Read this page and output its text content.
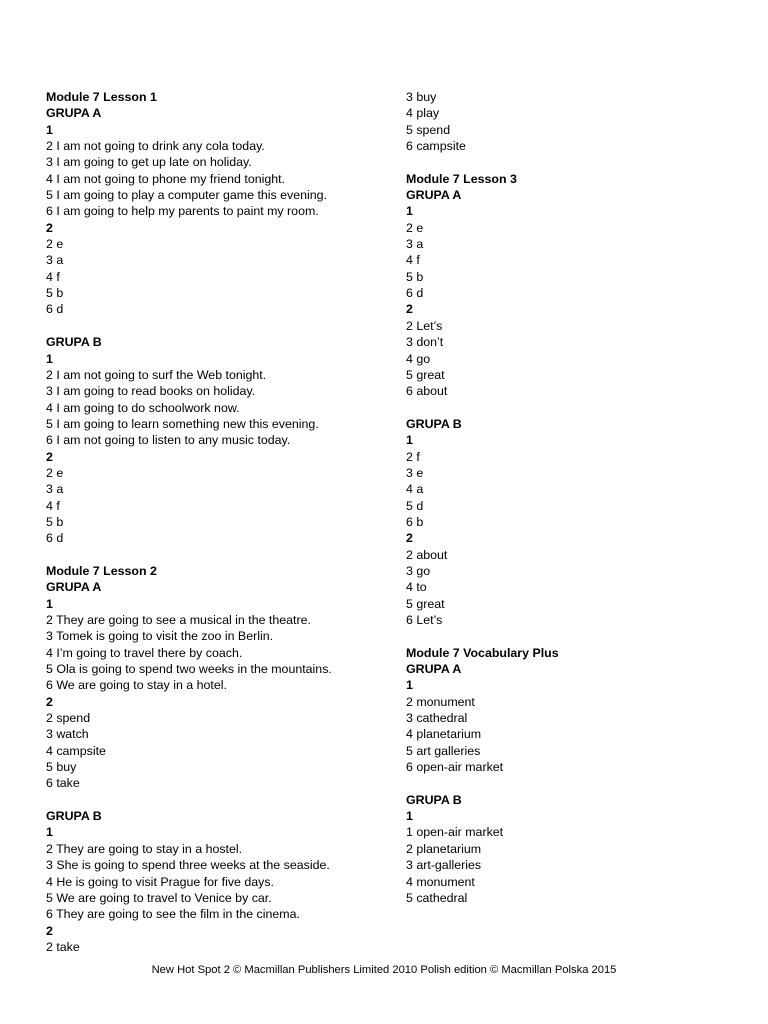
Module 7 Lesson 1
GRUPA A
1
2 I am not going to drink any cola today.
3 I am going to get up late on holiday.
4 I am not going to phone my friend tonight.
5 I am going to play a computer game this evening.
6 I am going to help my parents to paint my room.
2
2 e
3 a
4 f
5 b
6 d
GRUPA B
1
2 I am not going to surf the Web tonight.
3 I am going to read books on holiday.
4 I am going to do schoolwork now.
5 I am going to learn something new this evening.
6 I am not going to listen to any music today.
2
2 e
3 a
4 f
5 b
6 d
Module 7 Lesson 2
GRUPA A
1
2 They are going to see a musical in the theatre.
3 Tomek is going to visit the zoo in Berlin.
4 I’m going to travel there by coach.
5 Ola is going to spend two weeks in the mountains.
6 We are going to stay in a hotel.
2
2 spend
3 watch
4 campsite
5 buy
6 take
GRUPA B
1
2 They are going to stay in a hostel.
3 She is going to spend three weeks at the seaside.
4 He is going to visit Prague for five days.
5 We are going to travel to Venice by car.
6 They are going to see the film in the cinema.
2
2 take
3 buy
4 play
5 spend
6 campsite
Module 7 Lesson 3
GRUPA A
1
2 e
3 a
4 f
5 b
6 d
2
2 Let’s
3 don’t
4 go
5 great
6 about
GRUPA B
1
2 f
3 e
4 a
5 d
6 b
2
2 about
3 go
4 to
5 great
6 Let’s
Module 7 Vocabulary Plus
GRUPA A
1
2 monument
3 cathedral
4 planetarium
5 art galleries
6 open-air market
GRUPA B
1
1 open-air market
2 planetarium
3 art-galleries
4 monument
5 cathedral
New Hot Spot 2 © Macmillan Publishers Limited 2010 Polish edition © Macmillan Polska 2015
